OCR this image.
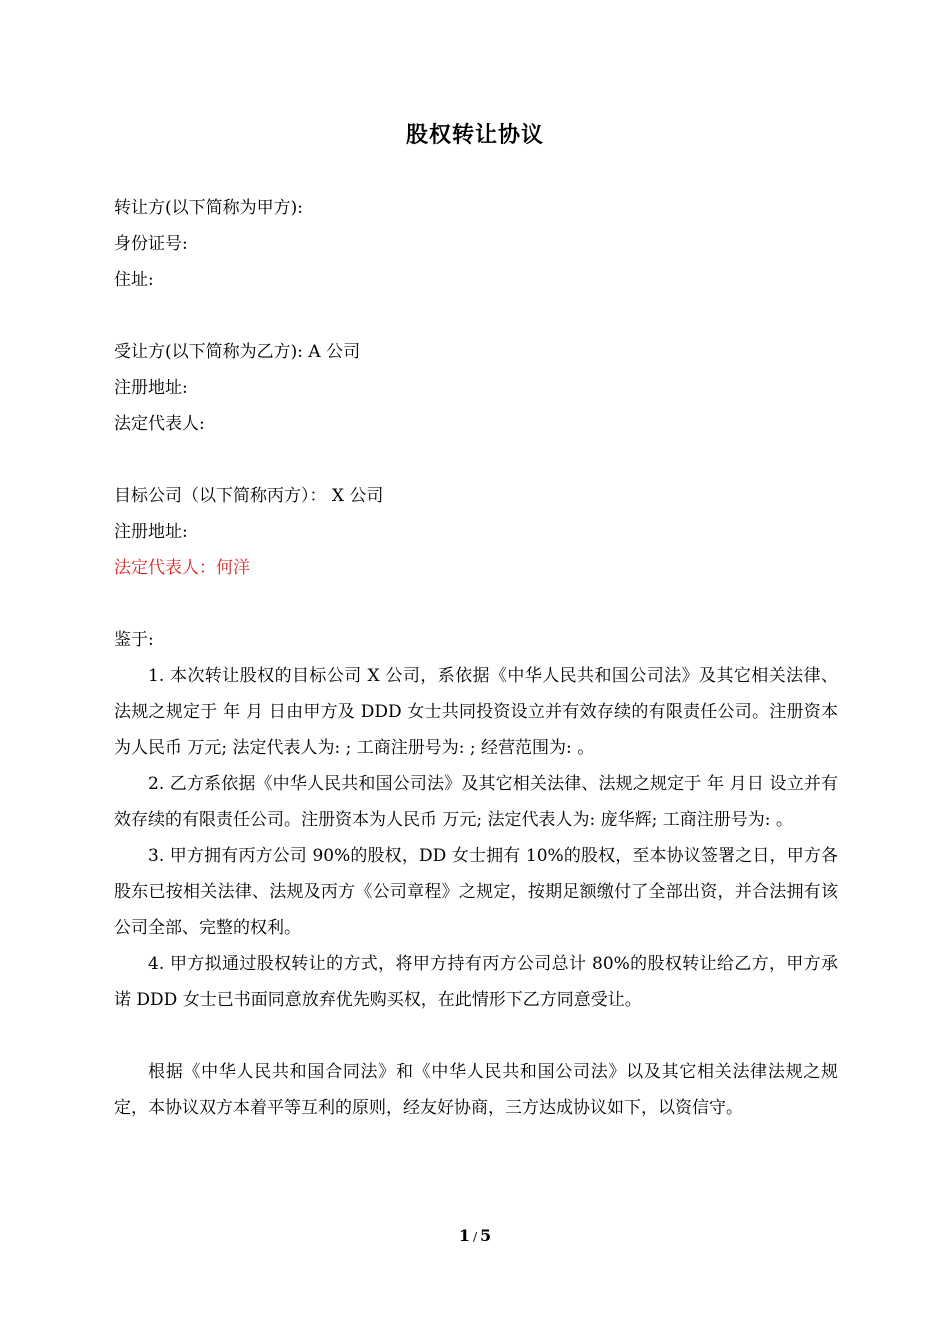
股权转让协议
转让方(以下简称为甲方):
身份证号:
住址:
受让方(以下简称为乙方): A 公司
注册地址:
法定代表人:
目标公司（以下简称丙方）： X 公司
注册地址:
法定代表人：何洋
鉴于:

1. 本次转让股权的目标公司 X 公司，系依据《中华人民共和国公司法》及其它相关法律、法规之规定于 年 月 日由甲方及 DDD 女士共同投资设立并有效存续的有限责任公司。注册资本为人民币 万元; 法定代表人为: ; 工商注册号为: ; 经营范围为: 。

2. 乙方系依据《中华人民共和国公司法》及其它相关法律、法规之规定于 年 月日 设立并有效存续的有限责任公司。注册资本为人民币 万元; 法定代表人为: 庞华辉; 工商注册号为: 。

3. 甲方拥有丙方公司 90%的股权，DD 女士拥有 10%的股权，至本协议签署之日，甲方各股东已按相关法律、法规及丙方《公司章程》之规定，按期足额缴付了全部出资，并合法拥有该公司全部、完整的权利。

4. 甲方拟通过股权转让的方式，将甲方持有丙方公司总计 80%的股权转让给乙方，甲方承诺 DDD 女士已书面同意放弃优先购买权，在此情形下乙方同意受让。

根据《中华人民共和国合同法》和《中华人民共和国公司法》以及其它相关法律法规之规定，本协议双方本着平等互利的原则，经友好协商，三方达成协议如下，以资信守。

1 / 5
